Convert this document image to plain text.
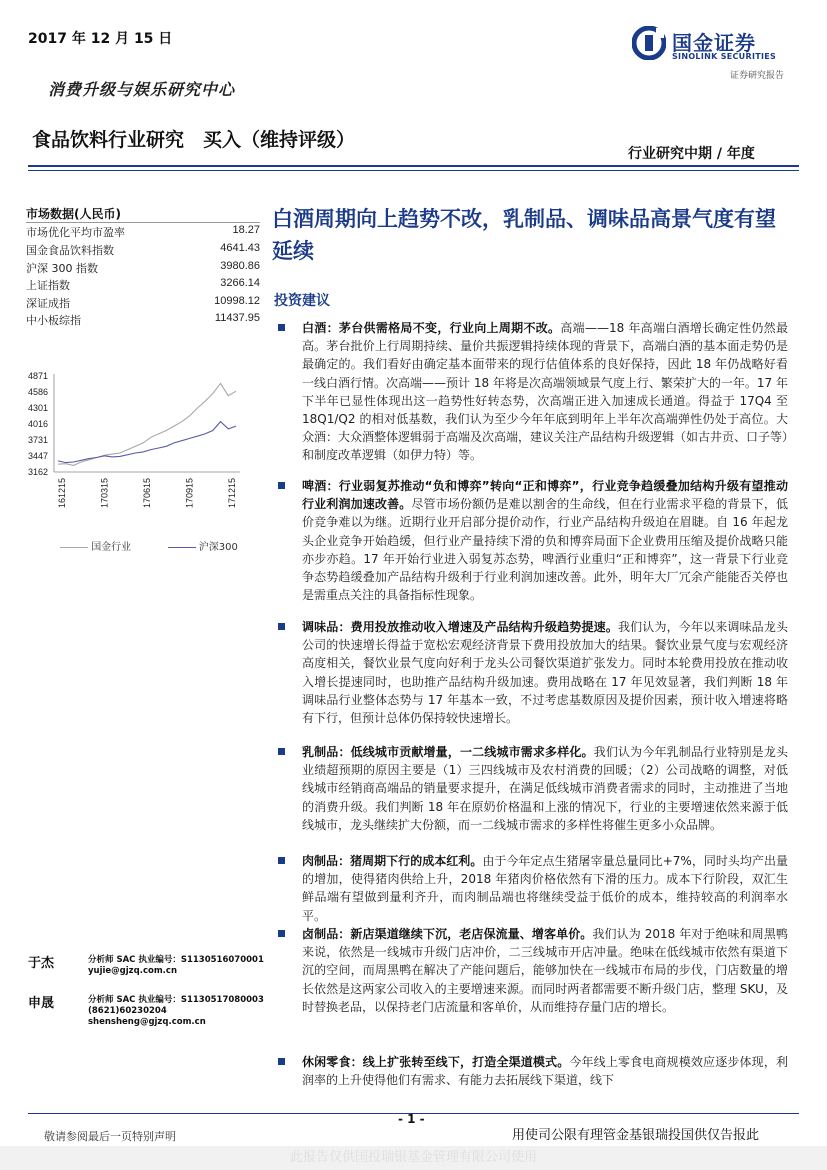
2017 年 12 月 15 日	国金证券
SINOLINK SECURITIES
证券研究报告
消费升级与娱乐研究中心
食品饮料行业研究　买入（维持评级）
行业研究中期 / 年度
市场数据(人民币)
市场优化平均市盈率	18.27
国金食品饮料指数	4641.43
沪深 300 指数	3980.86
上证指数	3266.14
深证成指	10998.12
中小板综指	11437.95
3162
3447
3731
4016
4301
4586
4871
161215	170315	170615	170915	171215
国金行业	沪深300
白酒周期向上趋势不改，乳制品、调味品高景气度有望延续
投资建议
白酒：茅台供需格局不变，行业向上周期不改。高端——18 年高端白酒增长确定性仍然最高。茅台批价上行周期持续、量价共振逻辑持续体现的背景下，高端白酒的基本面走势仍是最确定的。我们看好由确定基本面带来的现行估值体系的良好保持，因此 18 年仍战略好看一线白酒行情。次高端——预计 18 年将是次高端领域景气度上行、繁荣扩大的一年。17 年下半年已显性体现出这一趋势性好转态势，次高端正进入加速成长通道。得益于 17Q4 至 18Q1/Q2 的相对低基数，我们认为至少今年年底到明年上半年次高端弹性仍处于高位。大众酒：大众酒整体逻辑弱于高端及次高端，建议关注产品结构升级逻辑（如古井贡、口子等）和制度改革逻辑（如伊力特）等。
啤酒：行业弱复苏推动“负和博弈”转向“正和博弈”，行业竞争趋缓叠加结构升级有望推动行业利润加速改善。尽管市场份额仍是难以割舍的生命线，但在行业需求平稳的背景下，低价竞争难以为继。近期行业开启部分提价动作，行业产品结构升级迫在眉睫。自 16 年起龙头企业竞争开始趋缓，但行业产量持续下滑的负和博弈局面下企业费用压缩及提价战略只能亦步亦趋。17 年开始行业进入弱复苏态势，啤酒行业重归“正和博弈”，这一背景下行业竞争态势趋缓叠加产品结构升级利于行业利润加速改善。此外，明年大厂冗余产能能否关停也是需重点关注的具备指标性现象。
调味品：费用投放推动收入增速及产品结构升级趋势提速。我们认为，今年以来调味品龙头公司的快速增长得益于宽松宏观经济背景下费用投放加大的结果。餐饮业景气度与宏观经济高度相关，餐饮业景气度向好利于龙头公司餐饮渠道扩张发力。同时本轮费用投放在推动收入增长提速同时，也助推产品结构升级加速。费用战略在 17 年见效显著，我们判断 18 年调味品行业整体态势与 17 年基本一致，不过考虑基数原因及提价因素，预计收入增速将略有下行，但预计总体仍保持较快速增长。
乳制品：低线城市贡献增量，一二线城市需求多样化。我们认为今年乳制品行业特别是龙头业绩超预期的原因主要是（1）三四线城市及农村消费的回暖；（2）公司战略的调整，对低线城市经销商高端品的销量要求提升，在满足低线城市消费者需求的同时，主动推进了当地的消费升级。我们判断 18 年在原奶价格温和上涨的情况下，行业的主要增速依然来源于低线城市，龙头继续扩大份额，而一二线城市需求的多样性将催生更多小众品牌。
肉制品：猪周期下行的成本红利。由于今年定点生猪屠宰量总量同比+7%，同时头均产出量的增加，使得猪肉供给上升，2018 年猪肉价格依然有下滑的压力。成本下行阶段，双汇生鲜品端有望做到量利齐升，而肉制品端也将继续受益于低价的成本，维持较高的利润率水平。
卤制品：新店渠道继续下沉，老店保流量、增客单价。我们认为 2018 年对于绝味和周黑鸭来说，依然是一线城市升级门店冲价，二三线城市开店冲量。绝味在低线城市依然有渠道下沉的空间，而周黑鸭在解决了产能问题后，能够加快在一线城市布局的步伐，门店数量的增长依然是这两家公司收入的主要增速来源。而同时两者都需要不断升级门店，整理 SKU，及时替换老品，以保持老门店流量和客单价，从而维持存量门店的增长。
休闲零食：线上扩张转至线下，打造全渠道模式。今年线上零食电商规模效应逐步体现，利润率的上升使得他们有需求、有能力去拓展线下渠道，线下
于杰	分析师 SAC 执业编号：S1130516070001
yujie@gjzq.com.cn
申晟	分析师 SAC 执业编号：S1130517080003
(8621)60230204
shensheng@gjzq.com.cn
- 1 -
敬请参阅最后一页特别声明	用使司公限有理管金基银瑞投国供仅告报此
此报告仅供国投瑞银基金管理有限公司使用
